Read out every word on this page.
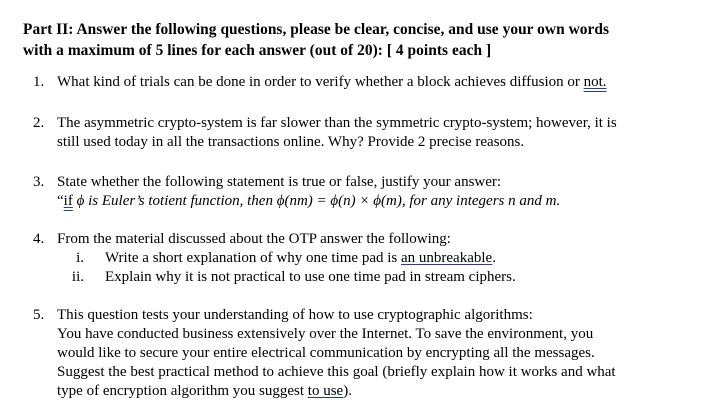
Part II: Answer the following questions, please be clear, concise, and use your own words
with a maximum of 5 lines for each answer (out of 20): [ 4 points each ]
1. What kind of trials can be done in order to verify whether a block achieves diffusion or not.
2. The asymmetric crypto-system is far slower than the symmetric crypto-system; however, it is
still used today in all the transactions online. Why? Provide 2 precise reasons.
3. State whether the following statement is true or false, justify your answer:
“if ϕ is Euler’s totient function, then ϕ(nm) = ϕ(n) × ϕ(m), for any integers n and m.
4. From the material discussed about the OTP answer the following:
i. Write a short explanation of why one time pad is an unbreakable.
ii. Explain why it is not practical to use one time pad in stream ciphers.
5. This question tests your understanding of how to use cryptographic algorithms:
You have conducted business extensively over the Internet. To save the environment, you
would like to secure your entire electrical communication by encrypting all the messages.
Suggest the best practical method to achieve this goal (briefly explain how it works and what
type of encryption algorithm you suggest to use).
